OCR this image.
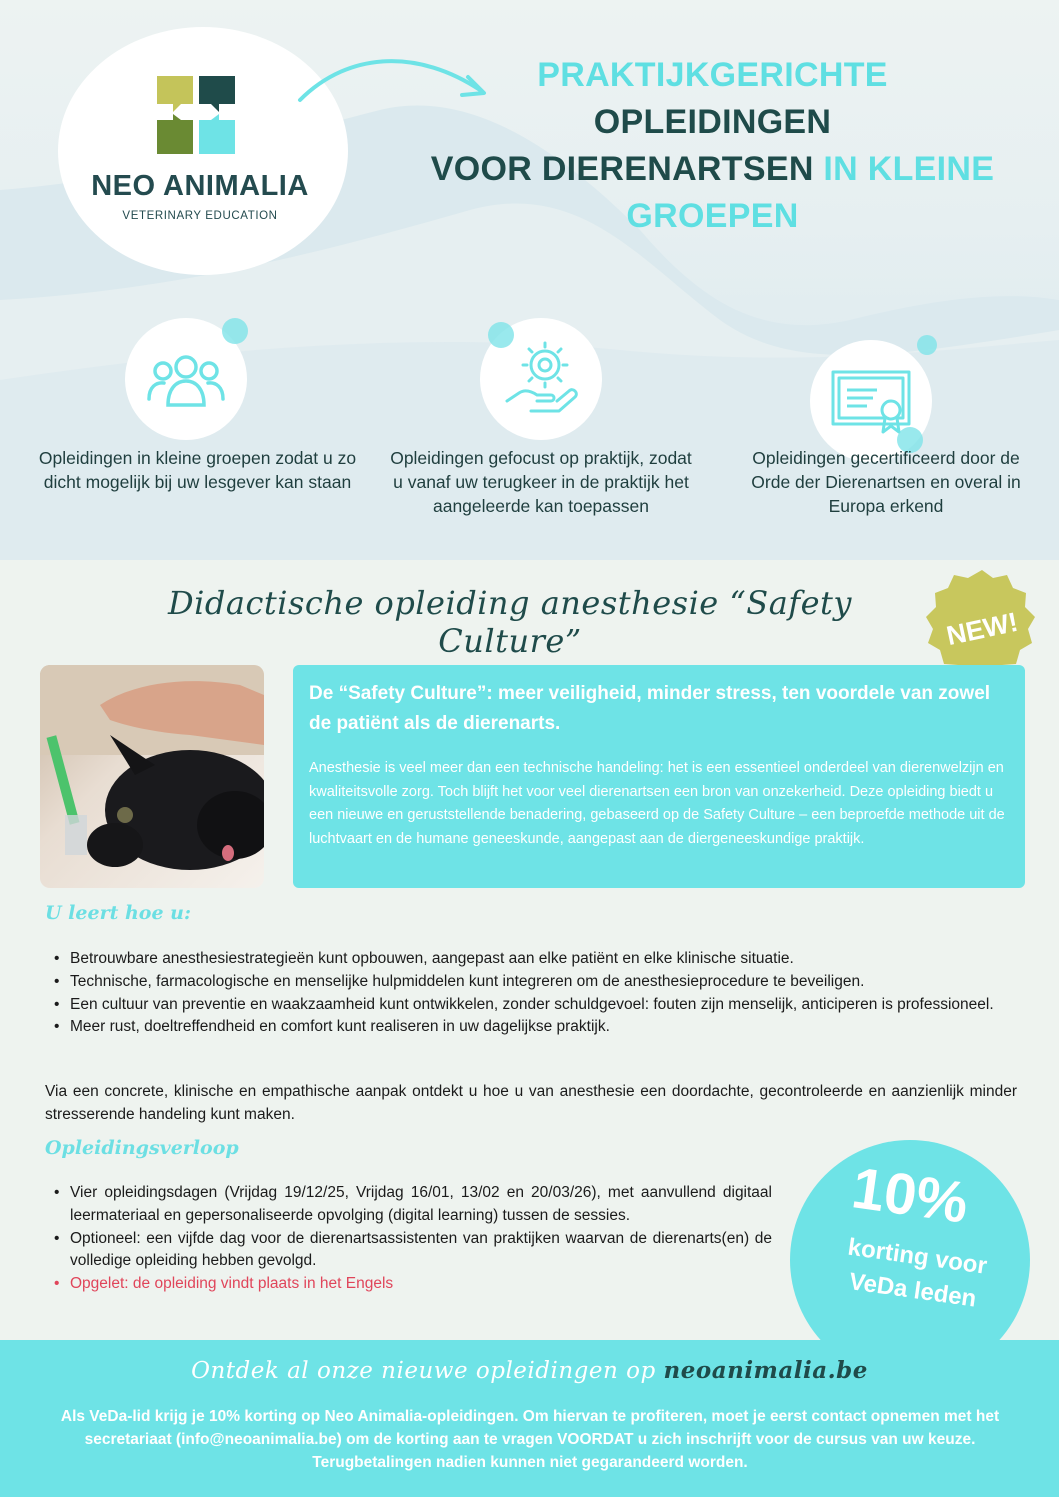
NEO ANIMALIA
VETERINARY EDUCATION
PRAKTIJKGERICHTE
OPLEIDINGEN
VOOR DIERENARTSEN IN KLEINE
GROEPEN
Opleidingen in kleine groepen zodat u zo dicht mogelijk bij uw lesgever kan staan
Opleidingen gefocust op praktijk, zodat u vanaf uw terugkeer in de praktijk het aangeleerde kan toepassen
Opleidingen gecertificeerd door de Orde der Dierenartsen en overal in Europa erkend
Didactische opleiding anesthesie “Safety Culture”	NEW!
De “Safety Culture”: meer veiligheid, minder stress, ten voordele van zowel de patiënt als de dierenarts.
Anesthesie is veel meer dan een technische handeling: het is een essentieel onderdeel van dierenwelzijn en kwaliteitsvolle zorg. Toch blijft het voor veel dierenartsen een bron van onzekerheid. Deze opleiding biedt u een nieuwe en geruststellende benadering, gebaseerd op de Safety Culture – een beproefde methode uit de luchtvaart en de humane geneeskunde, aangepast aan de diergeneeskundige praktijk.
U leert hoe u:
• Betrouwbare anesthesiestrategieën kunt opbouwen, aangepast aan elke patiënt en elke klinische situatie.
• Technische, farmacologische en menselijke hulpmiddelen kunt integreren om de anesthesieprocedure te beveiligen.
• Een cultuur van preventie en waakzaamheid kunt ontwikkelen, zonder schuldgevoel: fouten zijn menselijk, anticiperen is professioneel.
• Meer rust, doeltreffendheid en comfort kunt realiseren in uw dagelijkse praktijk.
Via een concrete, klinische en empathische aanpak ontdekt u hoe u van anesthesie een doordachte, gecontroleerde en aanzienlijk minder stresserende handeling kunt maken.
Opleidingsverloop
• Vier opleidingsdagen (Vrijdag 19/12/25, Vrijdag 16/01, 13/02 en 20/03/26), met aanvullend digitaal leermateriaal en gepersonaliseerde opvolging (digital learning) tussen de sessies.
• Optioneel: een vijfde dag voor de dierenartsassistenten van praktijken waarvan de dierenarts(en) de volledige opleiding hebben gevolgd.
• Opgelet: de opleiding vindt plaats in het Engels
10%
korting voor VeDa leden
Ontdek al onze nieuwe opleidingen op neoanimalia.be
Als VeDa-lid krijg je 10% korting op Neo Animalia-opleidingen. Om hiervan te profiteren, moet je eerst contact opnemen met het secretariaat (info@neoanimalia.be) om de korting aan te vragen VOORDAT u zich inschrijft voor de cursus van uw keuze. Terugbetalingen nadien kunnen niet gegarandeerd worden.
